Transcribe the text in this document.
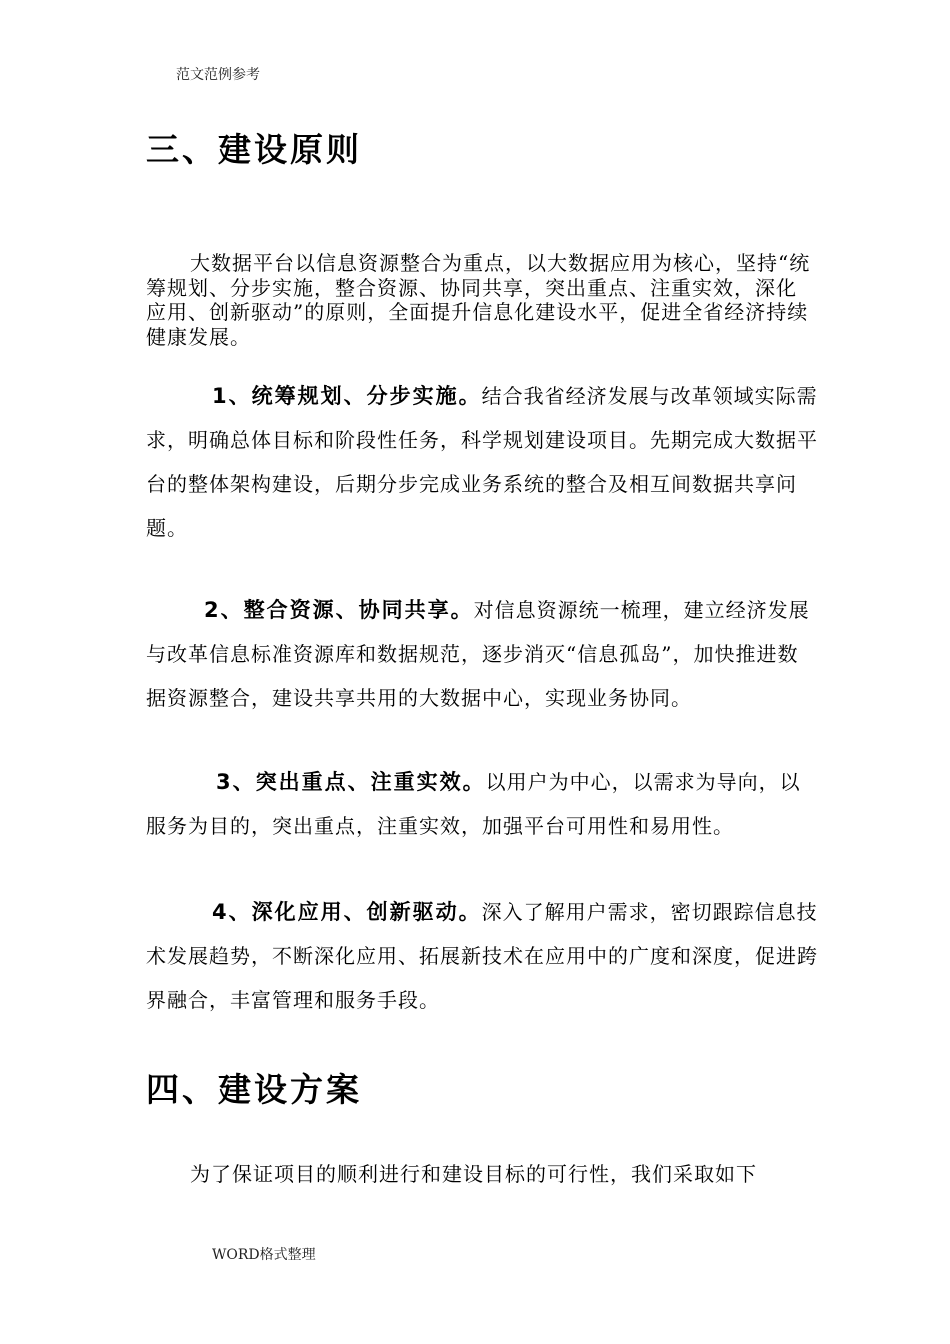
范文范例参考
三、建设原则

大数据平台以信息资源整合为重点，以大数据应用为核心，坚持“统筹规划、分步实施，整合资源、协同共享，突出重点、注重实效，深化应用、创新驱动”的原则，全面提升信息化建设水平，促进全省经济持续健康发展。

1、统筹规划、分步实施。结合我省经济发展与改革领域实际需求，明确总体目标和阶段性任务，科学规划建设项目。先期完成大数据平台的整体架构建设，后期分步完成业务系统的整合及相互间数据共享问题。

2、整合资源、协同共享。对信息资源统一梳理，建立经济发展与改革信息标准资源库和数据规范，逐步消灭“信息孤岛”，加快推进数据资源整合，建设共享共用的大数据中心，实现业务协同。

3、突出重点、注重实效。以用户为中心，以需求为导向，以服务为目的，突出重点，注重实效，加强平台可用性和易用性。

4、深化应用、创新驱动。深入了解用户需求，密切跟踪信息技术发展趋势，不断深化应用、拓展新技术在应用中的广度和深度，促进跨界融合，丰富管理和服务手段。

四、建设方案

为了保证项目的顺利进行和建设目标的可行性，我们采取如下

WORD格式整理
